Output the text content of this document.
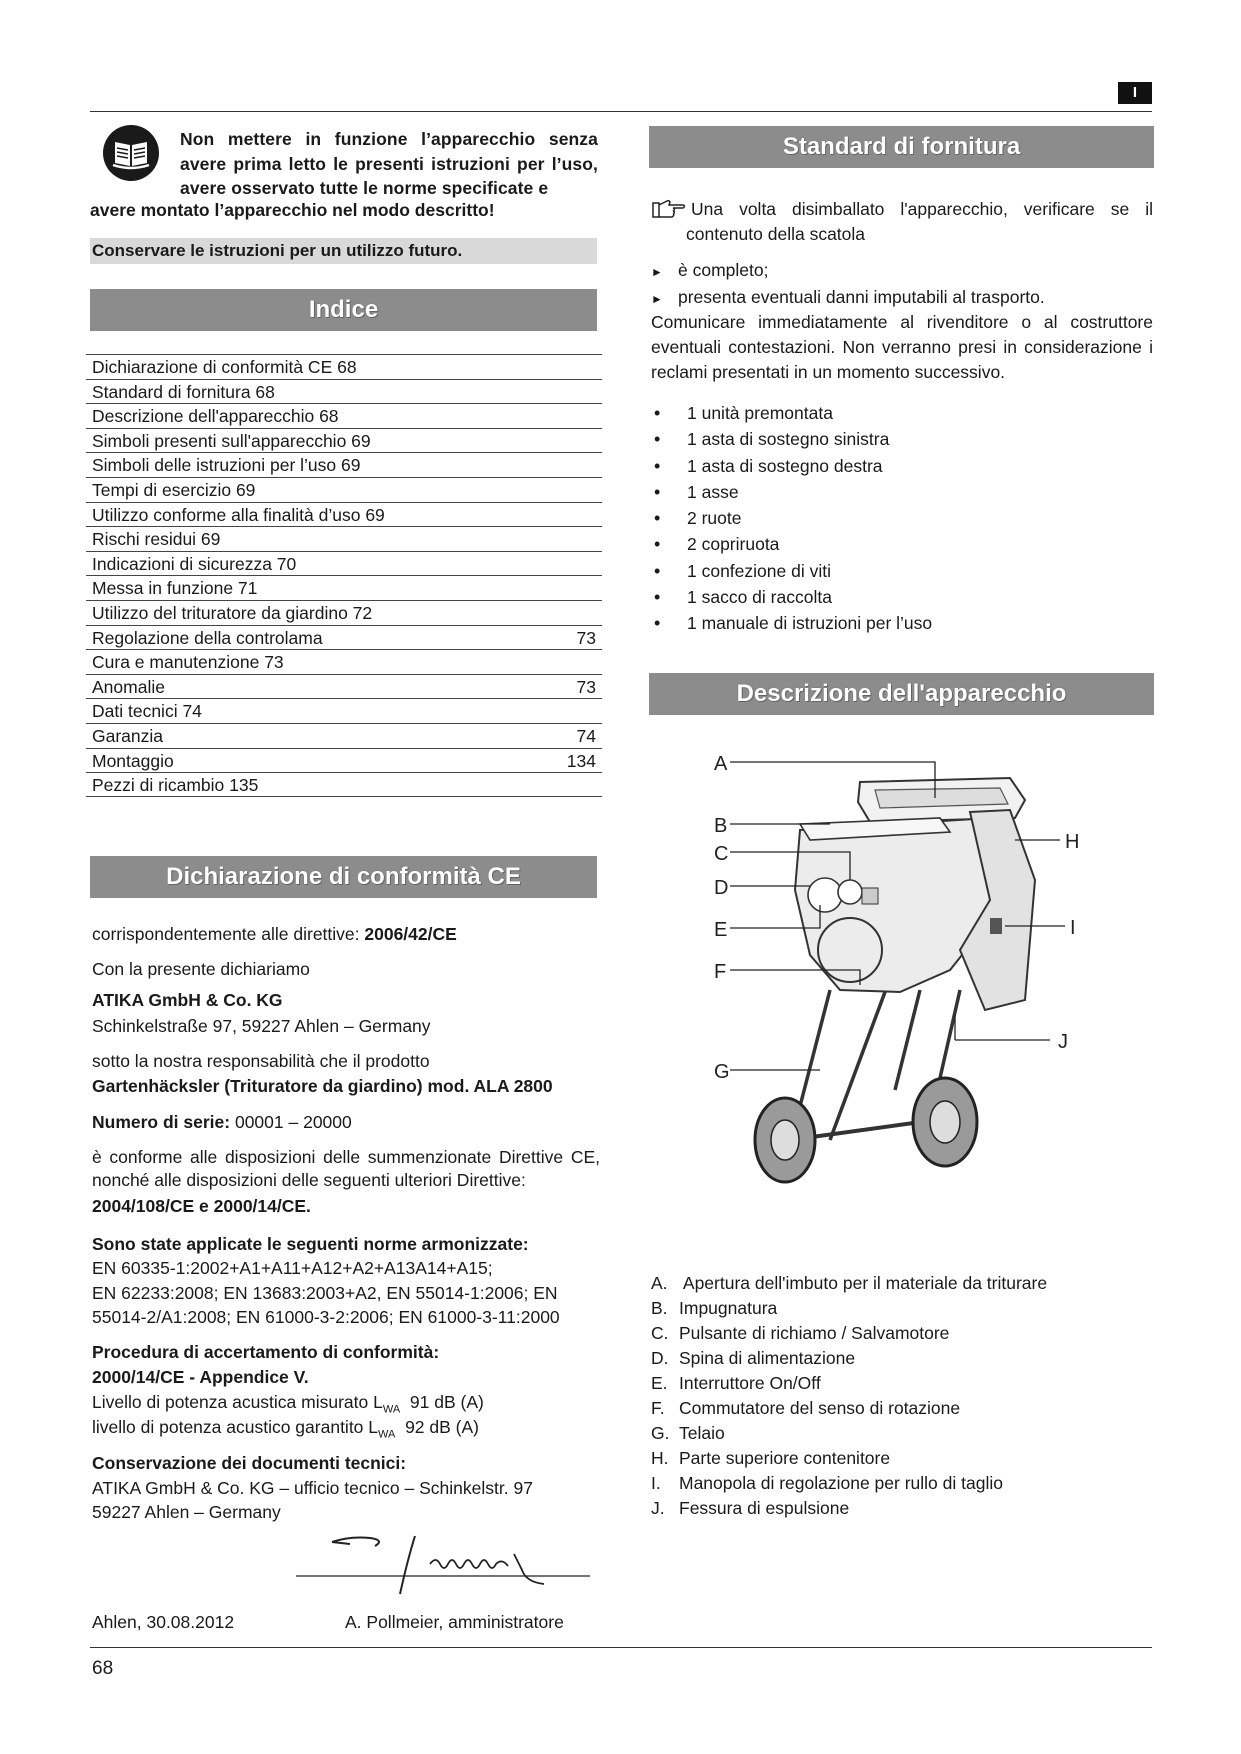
I
Non mettere in funzione l’apparecchio senza avere prima letto le presenti istruzioni per l’uso, avere osservato tutte le norme specificate e
avere montato l’apparecchio nel modo descritto!
Conservare le istruzioni per un utilizzo futuro.
Indice
Dichiarazione di conformità CE 68
Standard di fornitura 68
Descrizione dell'apparecchio 68
Simboli presenti sull'apparecchio 69
Simboli delle istruzioni per l’uso 69
Tempi di esercizio 69
Utilizzo conforme alla finalità d’uso 69
Rischi residui 69
Indicazioni di sicurezza 70
Messa in funzione 71
Utilizzo del trituratore da giardino 72
Regolazione della controlama	73
Cura e manutenzione 73
Anomalie	73
Dati tecnici 74
Garanzia	74
Montaggio	134
Pezzi di ricambio 135
Dichiarazione di conformità CE
corrispondentemente alle direttive: 2006/42/CE
Con la presente dichiariamo
ATIKA GmbH & Co. KG
Schinkelstraße 97, 59227 Ahlen – Germany
sotto la nostra responsabilità che il prodotto
Gartenhäcksler (Trituratore da giardino) mod. ALA 2800
Numero di serie: 00001 – 20000
è conforme alle disposizioni delle summenzionate Direttive CE, nonché alle disposizioni delle seguenti ulteriori Direttive:
2004/108/CE e 2000/14/CE.
Sono state applicate le seguenti norme armonizzate:
EN 60335-1:2002+A1+A11+A12+A2+A13A14+A15;
EN 62233:2008; EN 13683:2003+A2, EN 55014-1:2006; EN 55014-2/A1:2008; EN 61000-3-2:2006; EN 61000-3-11:2000
Procedura di accertamento di conformità:
2000/14/CE - Appendice V.
Livello di potenza acustica misurato $L_{WA}$ 91 dB (A)
livello di potenza acustico garantito $L_{WA}$ 92 dB (A)
Conservazione dei documenti tecnici:
ATIKA GmbH & Co. KG – ufficio tecnico – Schinkelstr. 97
59227 Ahlen – Germany
Ahlen, 30.08.2012	A. Pollmeier, amministratore
68
Standard di fornitura
Una volta disimballato l'apparecchio, verificare se il
contenuto della scatola
► è completo;
► presenta eventuali danni imputabili al trasporto.
Comunicare immediatamente al rivenditore o al costruttore eventuali contestazioni. Non verranno presi in considerazione i reclami presentati in un momento successivo.
• 1 unità premontata
• 1 asta di sostegno sinistra
• 1 asta di sostegno destra
• 1 asse
• 2 ruote
• 2 copriruota
• 1 confezione di viti
• 1 sacco di raccolta
• 1 manuale di istruzioni per l’uso
Descrizione dell'apparecchio
A
B
C
D
E
F
G
H
I
J
A. Apertura dell'imbuto per il materiale da triturare
B. Impugnatura
C. Pulsante di richiamo / Salvamotore
D. Spina di alimentazione
E. Interruttore On/Off
F. Commutatore del senso di rotazione
G. Telaio
H. Parte superiore contenitore
I. Manopola di regolazione per rullo di taglio
J. Fessura di espulsione
